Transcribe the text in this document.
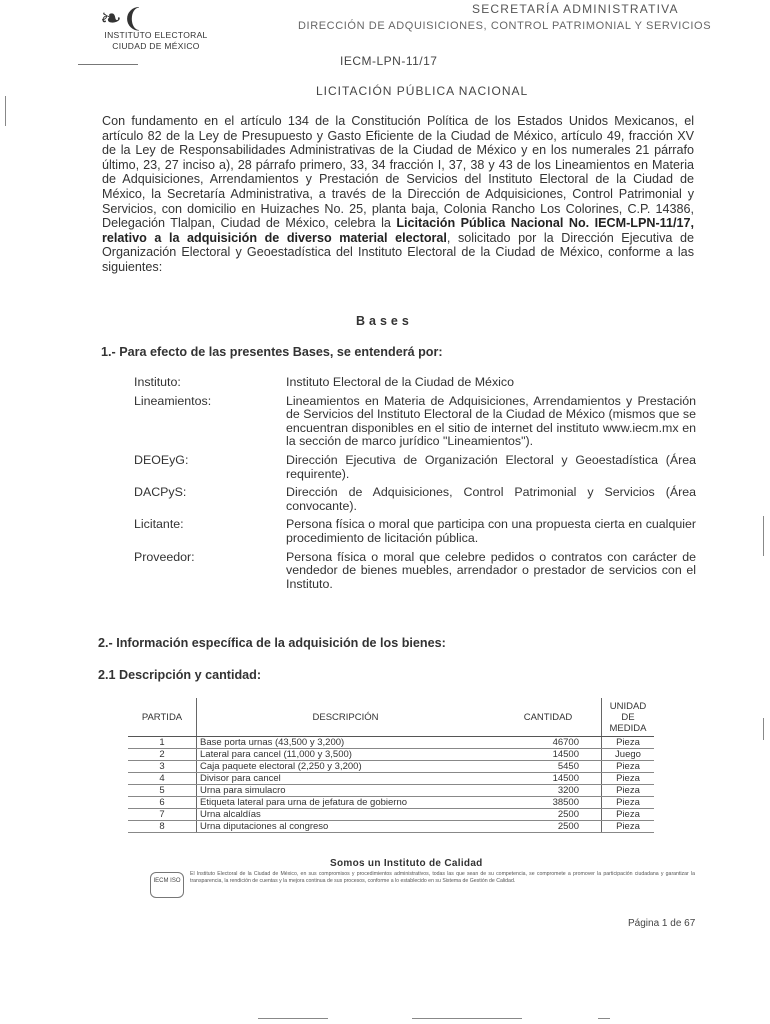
❧ ❨
INSTITUTO ELECTORAL
CIUDAD DE MÉXICO
SECRETARÍA ADMINISTRATIVA
DIRECCIÓN DE ADQUISICIONES, CONTROL PATRIMONIAL Y SERVICIOS
IECM-LPN-11/17
LICITACIÓN PÚBLICA NACIONAL
Con fundamento en el artículo 134 de la Constitución Política de los Estados Unidos Mexicanos, el artículo 82 de la Ley de Presupuesto y Gasto Eficiente de la Ciudad de México, artículo 49, fracción XV de la Ley de Responsabilidades Administrativas de la Ciudad de México y en los numerales 21 párrafo último, 23, 27 inciso a), 28 párrafo primero, 33, 34 fracción I, 37, 38 y 43 de los Lineamientos en Materia de Adquisiciones, Arrendamientos y Prestación de Servicios del Instituto Electoral de la Ciudad de México, la Secretaría Administrativa, a través de la Dirección de Adquisiciones, Control Patrimonial y Servicios, con domicilio en Huizaches No. 25, planta baja, Colonia Rancho Los Colorines, C.P. 14386, Delegación Tlalpan, Ciudad de México, celebra la Licitación Pública Nacional No. IECM-LPN-11/17, relativo a la adquisición de diverso material electoral, solicitado por la Dirección Ejecutiva de Organización Electoral y Geoestadística del Instituto Electoral de la Ciudad de México, conforme a las siguientes:
Bases
1.- Para efecto de las presentes Bases, se entenderá por:
Instituto:	Instituto Electoral de la Ciudad de México
Lineamientos:	Lineamientos en Materia de Adquisiciones, Arrendamientos y Prestación de Servicios del Instituto Electoral de la Ciudad de México (mismos que se encuentran disponibles en el sitio de internet del instituto www.iecm.mx en la sección de marco jurídico "Lineamientos").
DEOEyG:	Dirección Ejecutiva de Organización Electoral y Geoestadística (Área requirente).
DACPyS:	Dirección de Adquisiciones, Control Patrimonial y Servicios (Área convocante).
Licitante:	Persona física o moral que participa con una propuesta cierta en cualquier procedimiento de licitación pública.
Proveedor:	Persona física o moral que celebre pedidos o contratos con carácter de vendedor de bienes muebles, arrendador o prestador de servicios con el Instituto.
2.- Información específica de la adquisición de los bienes:
2.1 Descripción y cantidad:
PARTIDA	DESCRIPCIÓN	CANTIDAD	UNIDAD DE MEDIDA
1	Base porta urnas (43,500 y 3,200)	46700	Pieza
2	Lateral para cancel (11,000 y 3,500)	14500	Juego
3	Caja paquete electoral (2,250 y 3,200)	5450	Pieza
4	Divisor para cancel	14500	Pieza
5	Urna para simulacro	3200	Pieza
6	Etiqueta lateral para urna de jefatura de gobierno	38500	Pieza
7	Urna alcaldías	2500	Pieza
8	Urna diputaciones al congreso	2500	Pieza
IECM ISO
Somos un Instituto de Calidad
El Instituto Electoral de la Ciudad de México, en sus compromisos y procedimientos administrativos, todas las que sean de su competencia, se compromete a promover la participación ciudadana y garantizar la transparencia, la rendición de cuentas y la mejora continua de sus procesos, conforme a lo establecido en su Sistema de Gestión de Calidad.
Página 1 de 67
